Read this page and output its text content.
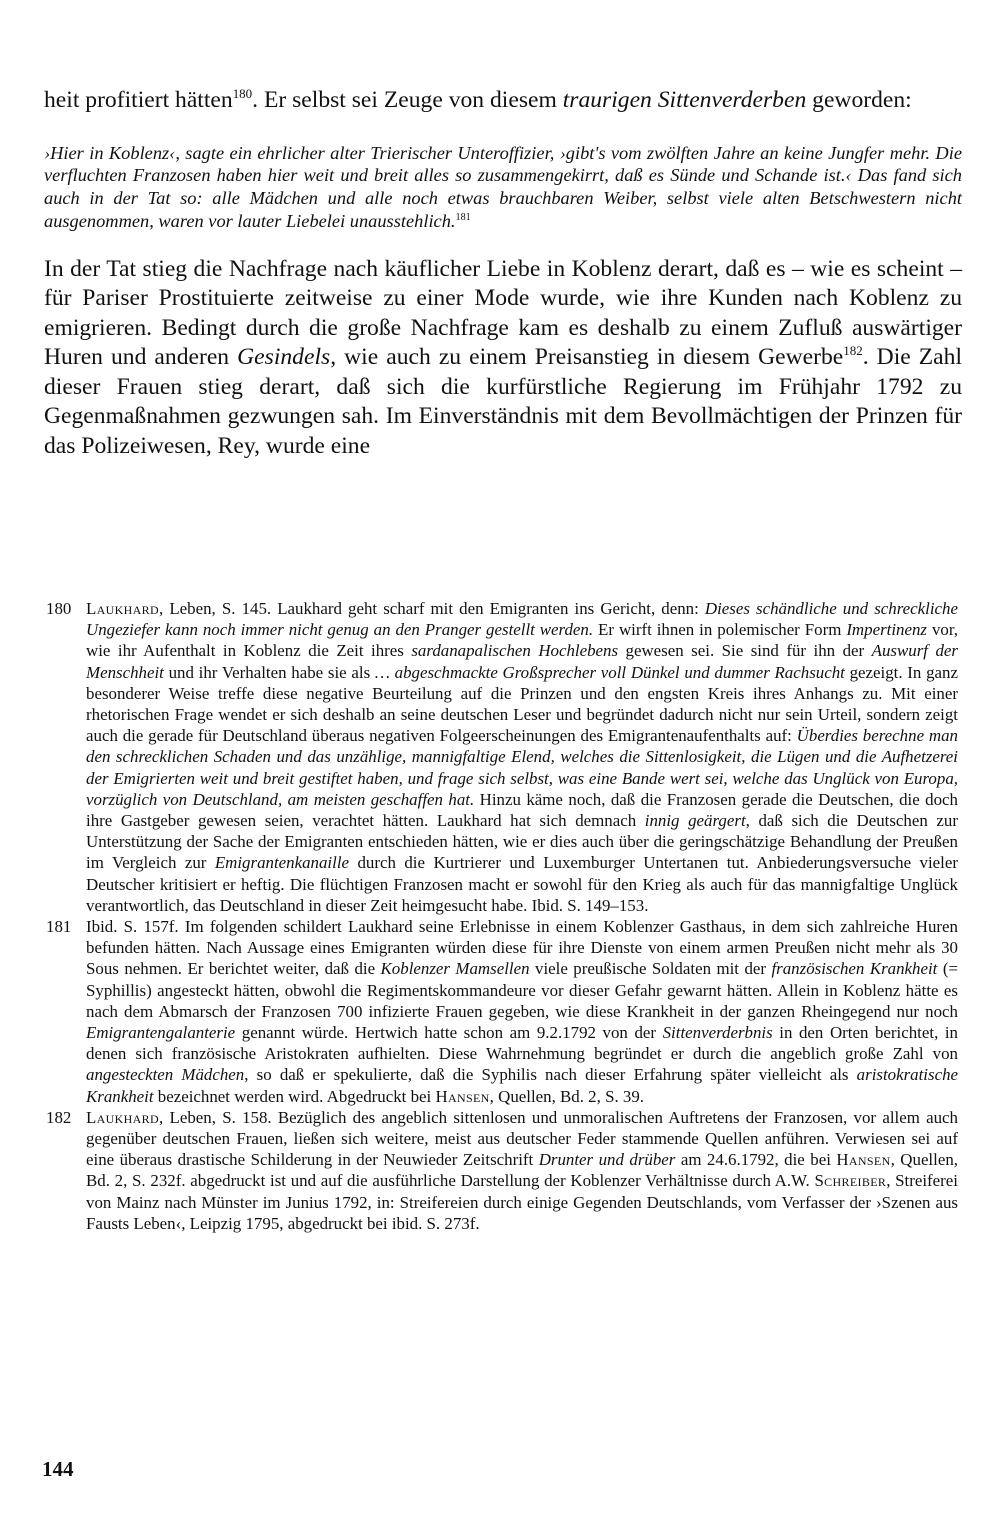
heit profitiert hätten$^{180}$. Er selbst sei Zeuge von diesem traurigen Sittenverderben geworden:

›Hier in Koblenz‹, sagte ein ehrlicher alter Trierischer Unteroffizier, ›gibt's vom zwölften Jahre an keine Jungfer mehr. Die verfluchten Franzosen haben hier weit und breit alles so zusammengekirrt, daß es Sünde und Schande ist.‹ Das fand sich auch in der Tat so: alle Mädchen und alle noch etwas brauchbaren Weiber, selbst viele alten Betschwestern nicht ausgenommen, waren vor lauter Liebelei unausstehlich.$^{181}$

In der Tat stieg die Nachfrage nach käuflicher Liebe in Koblenz derart, daß es – wie es scheint – für Pariser Prostituierte zeitweise zu einer Mode wurde, wie ihre Kunden nach Koblenz zu emigrieren. Bedingt durch die große Nachfrage kam es deshalb zu einem Zufluß auswärtiger Huren und anderen Gesindels, wie auch zu einem Preisanstieg in diesem Gewerbe$^{182}$. Die Zahl dieser Frauen stieg derart, daß sich die kurfürstliche Regierung im Frühjahr 1792 zu Gegenmaßnahmen gezwungen sah. Im Einverständnis mit dem Bevollmächtigen der Prinzen für das Polizeiwesen, Rey, wurde eine

180 Laukhard, Leben, S. 145. Laukhard geht scharf mit den Emigranten ins Gericht, denn: Dieses schändliche und schreckliche Ungeziefer kann noch immer nicht genug an den Pranger gestellt werden. Er wirft ihnen in polemischer Form Impertinenz vor, wie ihr Aufenthalt in Koblenz die Zeit ihres sardanapalischen Hochlebens gewesen sei. Sie sind für ihn der Auswurf der Menschheit und ihr Verhalten habe sie als … abgeschmackte Großsprecher voll Dünkel und dummer Rachsucht gezeigt. In ganz besonderer Weise treffe diese negative Beurteilung auf die Prinzen und den engsten Kreis ihres Anhangs zu. Mit einer rhetorischen Frage wendet er sich deshalb an seine deutschen Leser und begründet dadurch nicht nur sein Urteil, sondern zeigt auch die gerade für Deutschland überaus negativen Folgeerscheinungen des Emigrantenaufenthalts auf: Überdies berechne man den schrecklichen Schaden und das unzählige, mannigfaltige Elend, welches die Sittenlosigkeit, die Lügen und die Aufhetzerei der Emigrierten weit und breit gestiftet haben, und frage sich selbst, was eine Bande wert sei, welche das Unglück von Europa, vorzüglich von Deutschland, am meisten geschaffen hat. Hinzu käme noch, daß die Franzosen gerade die Deutschen, die doch ihre Gastgeber gewesen seien, verachtet hätten. Laukhard hat sich demnach innig geärgert, daß sich die Deutschen zur Unterstützung der Sache der Emigranten entschieden hätten, wie er dies auch über die geringschätzige Behandlung der Preußen im Vergleich zur Emigrantenkanaille durch die Kurtrierer und Luxemburger Untertanen tut. Anbiederungsversuche vieler Deutscher kritisiert er heftig. Die flüchtigen Franzosen macht er sowohl für den Krieg als auch für das mannigfaltige Unglück verantwortlich, das Deutschland in dieser Zeit heimgesucht habe. Ibid. S. 149–153.
181 Ibid. S. 157f. Im folgenden schildert Laukhard seine Erlebnisse in einem Koblenzer Gasthaus, in dem sich zahlreiche Huren befunden hätten. Nach Aussage eines Emigranten würden diese für ihre Dienste von einem armen Preußen nicht mehr als 30 Sous nehmen. Er berichtet weiter, daß die Koblenzer Mamsellen viele preußische Soldaten mit der französischen Krankheit (= Syphillis) angesteckt hätten, obwohl die Regimentskommandeure vor dieser Gefahr gewarnt hätten. Allein in Koblenz hätte es nach dem Abmarsch der Franzosen 700 infizierte Frauen gegeben, wie diese Krankheit in der ganzen Rheingegend nur noch Emigrantengalanterie genannt würde. Hertwich hatte schon am 9.2.1792 von der Sittenverderbnis in den Orten berichtet, in denen sich französische Aristokraten aufhielten. Diese Wahrnehmung begründet er durch die angeblich große Zahl von angesteckten Mädchen, so daß er spekulierte, daß die Syphilis nach dieser Erfahrung später vielleicht als aristokratische Krankheit bezeichnet werden wird. Abgedruckt bei Hansen, Quellen, Bd. 2, S. 39.
182 Laukhard, Leben, S. 158. Bezüglich des angeblich sittenlosen und unmoralischen Auftretens der Franzosen, vor allem auch gegenüber deutschen Frauen, ließen sich weitere, meist aus deutscher Feder stammende Quellen anführen. Verwiesen sei auf eine überaus drastische Schilderung in der Neuwieder Zeitschrift Drunter und drüber am 24.6.1792, die bei Hansen, Quellen, Bd. 2, S. 232f. abgedruckt ist und auf die ausführliche Darstellung der Koblenzer Verhältnisse durch A.W. Schreiber, Streiferei von Mainz nach Münster im Junius 1792, in: Streifereien durch einige Gegenden Deutschlands, vom Verfasser der ›Szenen aus Fausts Leben‹, Leipzig 1795, abgedruckt bei ibid. S. 273f.
144
